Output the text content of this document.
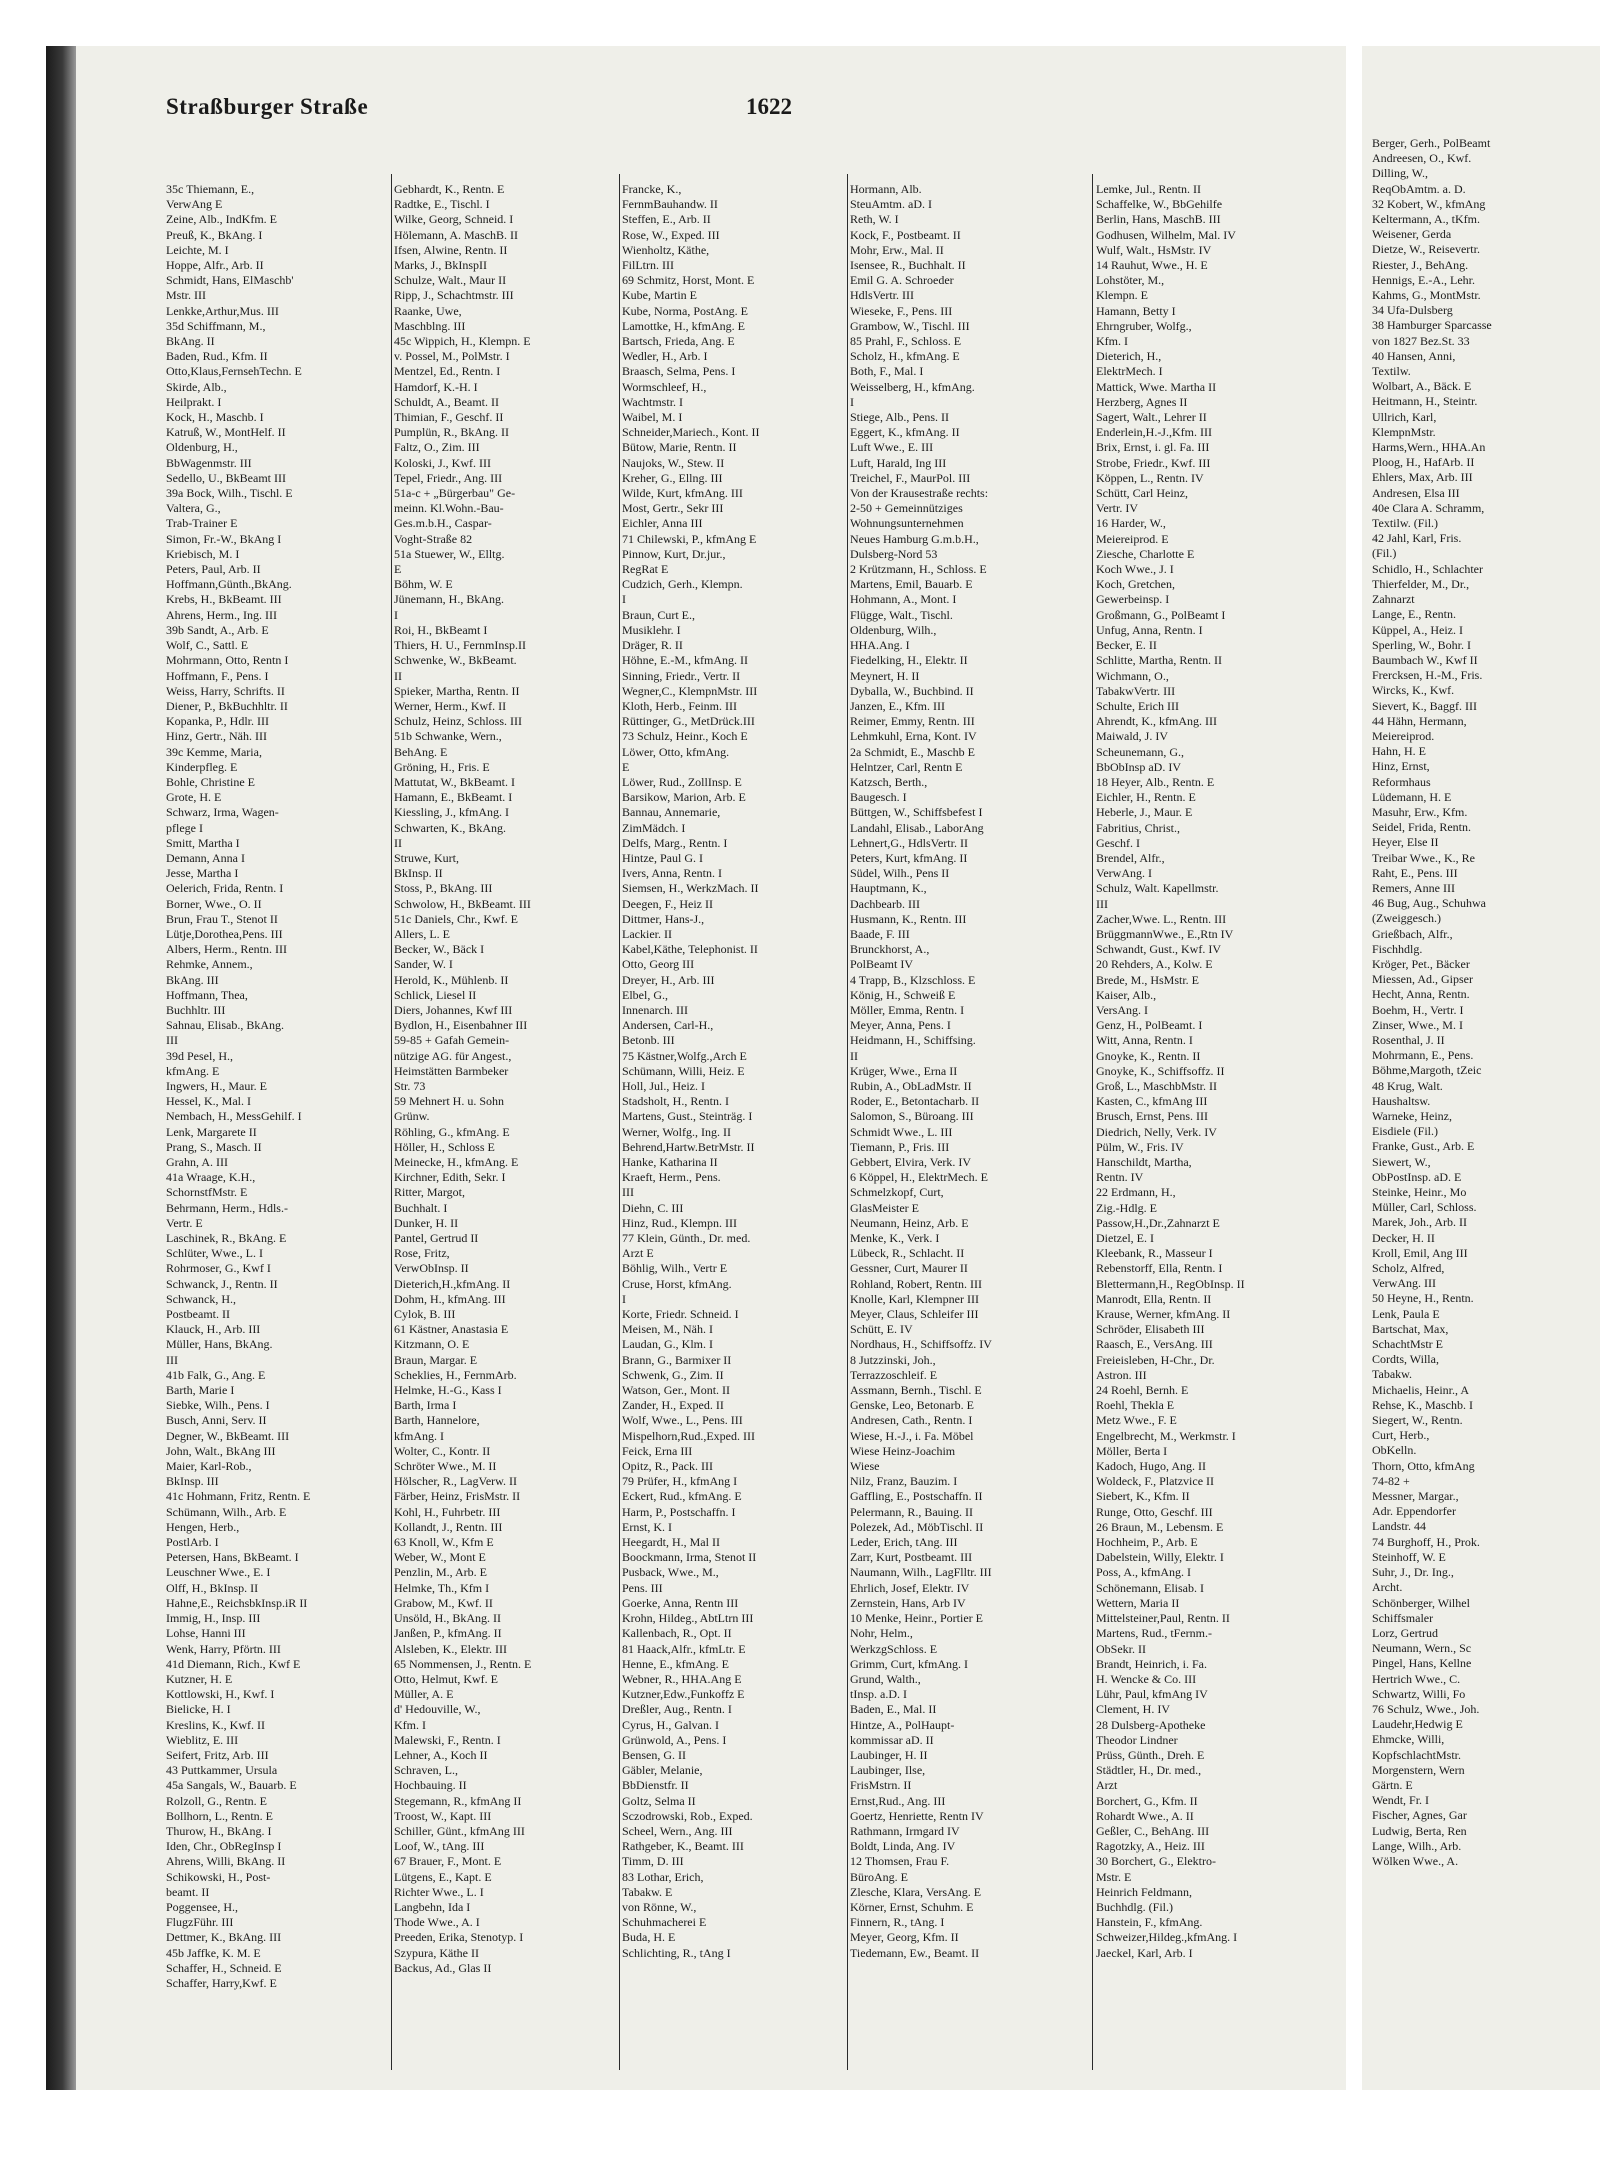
Straßburger Straße	1622
35c Thiemann, E.,
VerwAng E
Zeine, Alb., IndKfm. E
Preuß, K., BkAng. I
Leichte, M. I
Hoppe, Alfr., Arb. II
Schmidt, Hans, ElMaschb'
Mstr. III
Lenkke,Arthur,Mus. III
35d Schiffmann, M.,
BkAng. II
Baden, Rud., Kfm. II
Otto,Klaus,FernsehTechn. E
Skirde, Alb.,
Heilprakt. I
Kock, H., Maschb. I
Katruß, W., MontHelf. II
Oldenburg, H.,
BbWagenmstr. III
Sedello, U., BkBeamt III
39a Bock, Wilh., Tischl. E
Valtera, G.,
Trab-Trainer E
Simon, Fr.-W., BkAng I
Kriebisch, M. I
Peters, Paul, Arb. II
Hoffmann,Günth.,BkAng.
Krebs, H., BkBeamt. III
Ahrens, Herm., Ing. III
39b Sandt, A., Arb. E
Wolf, C., Sattl. E
Mohrmann, Otto, Rentn I
Hoffmann, F., Pens. I
Weiss, Harry, Schrifts. II
Diener, P., BkBuchhltr. II
Kopanka, P., Hdlr. III
Hinz, Gertr., Näh. III
39c Kemme, Maria,
Kinderpfleg. E
Bohle, Christine E
Grote, H. E
Schwarz, Irma, Wagen-
pflege I
Smitt, Martha I
Demann, Anna I
Jesse, Martha I
Oelerich, Frida, Rentn. I
Borner, Wwe., O. II
Brun, Frau T., Stenot II
Lütje,Dorothea,Pens. III
Albers, Herm., Rentn. III
Rehmke, Annem.,
BkAng. III
Hoffmann, Thea,
Buchhltr. III
Sahnau, Elisab., BkAng.
III
39d Pesel, H.,
kfmAng. E
Ingwers, H., Maur. E
Hessel, K., Mal. I
Nembach, H., MessGehilf. I
Lenk, Margarete II
Prang, S., Masch. II
Grahn, A. III
41a Wraage, K.H.,
SchornstfMstr. E
Behrmann, Herm., Hdls.-
Vertr. E
Laschinek, R., BkAng. E
Schlüter, Wwe., L. I
Rohrmoser, G., Kwf I
Schwanck, J., Rentn. II
Schwanck, H.,
Postbeamt. II
Klauck, H., Arb. III
Müller, Hans, BkAng.
III
41b Falk, G., Ang. E
Barth, Marie I
Siebke, Wilh., Pens. I
Busch, Anni, Serv. II
Degner, W., BkBeamt. III
John, Walt., BkAng III
Maier, Karl-Rob.,
BkInsp. III
41c Hohmann, Fritz, Rentn. E
Schümann, Wilh., Arb. E
Hengen, Herb.,
PostlArb. I
Petersen, Hans, BkBeamt. I
Leuschner Wwe., E. I
Olff, H., BkInsp. II
Hahne,E., ReichsbkInsp.iR II
Immig, H., Insp. III
Lohse, Hanni III
Wenk, Harry, Pförtn. III
41d Diemann, Rich., Kwf E
Kutzner, H. E
Kottlowski, H., Kwf. I
Bielicke, H. I
Kreslins, K., Kwf. II
Wieblitz, E. III
Seifert, Fritz, Arb. III
43 Puttkammer, Ursula
45a Sangals, W., Bauarb. E
Rolzoll, G., Rentn. E
Bollhorn, L., Rentn. E
Thurow, H., BkAng. I
Iden, Chr., ObRegInsp I
Ahrens, Willi, BkAng. II
Schikowski, H., Post-
beamt. II
Poggensee, H.,
FlugzFühr. III
Dettmer, K., BkAng. III
45b Jaffke, K. M. E
Schaffer, H., Schneid. E
Schaffer, Harry,Kwf. E
Gebhardt, K., Rentn. E
Radtke, E., Tischl. I
Wilke, Georg, Schneid. I
Hölemann, A. MaschB. II
Ifsen, Alwine, Rentn. II
Marks, J., BkInspII
Schulze, Walt., Maur II
Ripp, J., Schachtmstr. III
Raanke, Uwe,
Maschblng. III
45c Wippich, H., Klempn. E
v. Possel, M., PolMstr. I
Mentzel, Ed., Rentn. I
Hamdorf, K.-H. I
Schuldt, A., Beamt. II
Thimian, F., Geschf. II
Pumplün, R., BkAng. II
Faltz, O., Zim. III
Koloski, J., Kwf. III
Tepel, Friedr., Ang. III
51a-c + „Bürgerbau" Ge-
meinn. Kl.Wohn.-Bau-
Ges.m.b.H., Caspar-
Voght-Straße 82
51a Stuewer, W., Elltg.
E
Böhm, W. E
Jünemann, H., BkAng.
I
Roi, H., BkBeamt I
Thiers, H. U., FernmInsp.II
Schwenke, W., BkBeamt.
II
Spieker, Martha, Rentn. II
Werner, Herm., Kwf. II
Schulz, Heinz, Schloss. III
51b Schwanke, Wern.,
BehAng. E
Gröning, H., Fris. E
Mattutat, W., BkBeamt. I
Hamann, E., BkBeamt. I
Kiessling, J., kfmAng. I
Schwarten, K., BkAng.
II
Struwe, Kurt,
BkInsp. II
Stoss, P., BkAng. III
Schwolow, H., BkBeamt. III
51c Daniels, Chr., Kwf. E
Allers, L. E
Becker, W., Bäck I
Sander, W. I
Herold, K., Mühlenb. II
Schlick, Liesel II
Diers, Johannes, Kwf III
Bydlon, H., Eisenbahner III
59-85 + Gafah Gemein-
nützige AG. für Angest.,
Heimstätten Barmbeker
Str. 73
59 Mehnert H. u. Sohn
Grünw.
Röhling, G., kfmAng. E
Höller, H., Schloss E
Meinecke, H., kfmAng. E
Kirchner, Edith, Sekr. I
Ritter, Margot,
Buchhalt. I
Dunker, H. II
Pantel, Gertrud II
Rose, Fritz,
VerwObInsp. II
Dieterich,H.,kfmAng. II
Dohm, H., kfmAng. III
Cylok, B. III
61 Kästner, Anastasia E
Kitzmann, O. E
Braun, Margar. E
Scheklies, H., FernmArb.
Helmke, H.-G., Kass I
Barth, Irma I
Barth, Hannelore,
kfmAng. I
Wolter, C., Kontr. II
Schröter Wwe., M. II
Hölscher, R., LagVerw. II
Färber, Heinz, FrisMstr. II
Kohl, H., Fuhrbetr. III
Kollandt, J., Rentn. III
63 Knoll, W., Kfm E
Weber, W., Mont E
Penzlin, M., Arb. E
Helmke, Th., Kfm I
Grabow, M., Kwf. II
Unsöld, H., BkAng. II
Janßen, P., kfmAng. II
Alsleben, K., Elektr. III
65 Nommensen, J., Rentn. E
Otto, Helmut, Kwf. E
Müller, A. E
d' Hedouville, W.,
Kfm. I
Malewski, F., Rentn. I
Lehner, A., Koch II
Schraven, L.,
Hochbauing. II
Stegemann, R., kfmAng II
Troost, W., Kapt. III
Schiller, Günt., kfmAng III
Loof, W., tAng. III
67 Brauer, F., Mont. E
Lütgens, E., Kapt. E
Richter Wwe., L. I
Langbehn, Ida I
Thode Wwe., A. I
Preeden, Erika, Stenotyp. I
Szypura, Käthe II
Backus, Ad., Glas II
Francke, K.,
FernmBauhandw. II
Steffen, E., Arb. II
Rose, W., Exped. III
Wienholtz, Käthe,
FilLtrn. III
69 Schmitz, Horst, Mont. E
Kube, Martin E
Kube, Norma, PostAng. E
Lamottke, H., kfmAng. E
Bartsch, Frieda, Ang. E
Wedler, H., Arb. I
Braasch, Selma, Pens. I
Wormschleef, H.,
Wachtmstr. I
Waibel, M. I
Schneider,Mariech., Kont. II
Bütow, Marie, Rentn. II
Naujoks, W., Stew. II
Kreher, G., Ellng. III
Wilde, Kurt, kfmAng. III
Most, Gertr., Sekr III
Eichler, Anna III
71 Chilewski, P., kfmAng E
Pinnow, Kurt, Dr.jur.,
RegRat E
Cudzich, Gerh., Klempn.
I
Braun, Curt E.,
Musiklehr. I
Dräger, R. II
Höhne, E.-M., kfmAng. II
Sinning, Friedr., Vertr. II
Wegner,C., KlempnMstr. III
Kloth, Herb., Feinm. III
Rüttinger, G., MetDrück.III
73 Schulz, Heinr., Koch E
Löwer, Otto, kfmAng.
E
Löwer, Rud., ZollInsp. E
Barsikow, Marion, Arb. E
Bannau, Annemarie,
ZimMädch. I
Delfs, Marg., Rentn. I
Hintze, Paul G. I
Ivers, Anna, Rentn. I
Siemsen, H., WerkzMach. II
Deegen, F., Heiz II
Dittmer, Hans-J.,
Lackier. II
Kabel,Käthe, Telephonist. II
Otto, Georg III
Dreyer, H., Arb. III
Elbel, G.,
Innenarch. III
Andersen, Carl-H.,
Betonb. III
75 Kästner,Wolfg.,Arch E
Schümann, Willi, Heiz. E
Holl, Jul., Heiz. I
Stadsholt, H., Rentn. I
Martens, Gust., Steinträg. I
Werner, Wolfg., Ing. II
Behrend,Hartw.BetrMstr. II
Hanke, Katharina II
Kraeft, Herm., Pens.
III
Diehn, C. III
Hinz, Rud., Klempn. III
77 Klein, Günth., Dr. med.
Arzt E
Böhlig, Wilh., Vertr E
Cruse, Horst, kfmAng.
I
Korte, Friedr. Schneid. I
Meisen, M., Näh. I
Laudan, G., Klm. I
Brann, G., Barmixer II
Schwenk, G., Zim. II
Watson, Ger., Mont. II
Zander, H., Exped. II
Wolf, Wwe., L., Pens. III
Mispelhorn,Rud.,Exped. III
Feick, Erna III
Opitz, R., Pack. III
79 Prüfer, H., kfmAng I
Eckert, Rud., kfmAng. E
Harm, P., Postschaffn. I
Ernst, K. I
Heegardt, H., Mal II
Boockmann, Irma, Stenot II
Pusback, Wwe., M.,
Pens. III
Goerke, Anna, Rentn III
Krohn, Hildeg., AbtLtrn III
Kallenbach, R., Opt. II
81 Haack,Alfr., kfmLtr. E
Henne, E., kfmAng. E
Webner, R., HHA.Ang E
Kutzner,Edw.,Funkoffz E
Dreßler, Aug., Rentn. I
Cyrus, H., Galvan. I
Grünwold, A., Pens. I
Bensen, G. II
Gäbler, Melanie,
BbDienstfr. II
Goltz, Selma II
Sczodrowski, Rob., Exped.
Scheel, Wern., Ang. III
Rathgeber, K., Beamt. III
Timm, D. III
83 Lothar, Erich,
Tabakw. E
von Rönne, W.,
Schuhmacherei E
Buda, H. E
Schlichting, R., tAng I
Hormann, Alb.
SteuAmtm. aD. I
Reth, W. I
Kock, F., Postbeamt. II
Mohr, Erw., Mal. II
Isensee, R., Buchhalt. II
Emil G. A. Schroeder
HdlsVertr. III
Wieseke, F., Pens. III
Grambow, W., Tischl. III
85 Prahl, F., Schloss. E
Scholz, H., kfmAng. E
Both, F., Mal. I
Weisselberg, H., kfmAng.
I
Stiege, Alb., Pens. II
Eggert, K., kfmAng. II
Luft Wwe., E. III
Luft, Harald, Ing III
Treichel, F., MaurPol. III
Von der Krausestraße rechts:
2-50 + Gemeinnütziges
Wohnungsunternehmen
Neues Hamburg G.m.b.H.,
Dulsberg-Nord 53
2 Krützmann, H., Schloss. E
Martens, Emil, Bauarb. E
Hohmann, A., Mont. I
Flügge, Walt., Tischl.
Oldenburg, Wilh.,
HHA.Ang. I
Fiedelking, H., Elektr. II
Meynert, H. II
Dyballa, W., Buchbind. II
Janzen, E., Kfm. III
Reimer, Emmy, Rentn. III
Lehmkuhl, Erna, Kont. IV
2a Schmidt, E., Maschb E
Helntzer, Carl, Rentn E
Katzsch, Berth.,
Baugesch. I
Büttgen, W., Schiffsbefest I
Landahl, Elisab., LaborAng
Lehnert,G., HdlsVertr. II
Peters, Kurt, kfmAng. II
Südel, Wilh., Pens II
Hauptmann, K.,
Dachbearb. III
Husmann, K., Rentn. III
Baade, F. III
Brunckhorst, A.,
PolBeamt IV
4 Trapp, B., Klzschloss. E
König, H., Schweiß E
Möller, Emma, Rentn. I
Meyer, Anna, Pens. I
Heidmann, H., Schiffsing.
II
Krüger, Wwe., Erna II
Rubin, A., ObLadMstr. II
Roder, E., Betontacharb. II
Salomon, S., Büroang. III
Schmidt Wwe., L. III
Tiemann, P., Fris. III
Gebbert, Elvira, Verk. IV
6 Köppel, H., ElektrMech. E
Schmelzkopf, Curt,
GlasMeister E
Neumann, Heinz, Arb. E
Menke, K., Verk. I
Lübeck, R., Schlacht. II
Gessner, Curt, Maurer II
Rohland, Robert, Rentn. III
Knolle, Karl, Klempner III
Meyer, Claus, Schleifer III
Schütt, E. IV
Nordhaus, H., Schiffsoffz. IV
8 Jutzzinski, Joh.,
Terrazzoschleif. E
Assmann, Bernh., Tischl. E
Genske, Leo, Betonarb. E
Andresen, Cath., Rentn. I
Wiese, H.-J., i. Fa. Möbel
Wiese Heinz-Joachim
Wiese
Nilz, Franz, Bauzim. I
Gaffling, E., Postschaffn. II
Pelermann, R., Bauing. II
Polezek, Ad., MöbTischl. II
Leder, Erich, tAng. III
Zarr, Kurt, Postbeamt. III
Naumann, Wilh., LagFlltr. III
Ehrlich, Josef, Elektr. IV
Zernstein, Hans, Arb IV
10 Menke, Heinr., Portier E
Nohr, Helm.,
WerkzgSchloss. E
Grimm, Curt, kfmAng. I
Grund, Walth.,
tInsp. a.D. I
Baden, E., Mal. II
Hintze, A., PolHaupt-
kommissar aD. II
Laubinger, H. II
Laubinger, Ilse,
FrisMstrn. II
Ernst,Rud., Ang. III
Goertz, Henriette, Rentn IV
Rathmann, Irmgard IV
Boldt, Linda, Ang. IV
12 Thomsen, Frau F.
BüroAng. E
Zlesche, Klara, VersAng. E
Körner, Ernst, Schuhm. E
Finnern, R., tAng. I
Meyer, Georg, Kfm. II
Tiedemann, Ew., Beamt. II
Lemke, Jul., Rentn. II
Schaffelke, W., BbGehilfe
Berlin, Hans, MaschB. III
Godhusen, Wilhelm, Mal. IV
Wulf, Walt., HsMstr. IV
14 Rauhut, Wwe., H. E
Lohstöter, M.,
Klempn. E
Hamann, Betty I
Ehrngruber, Wolfg.,
Kfm. I
Dieterich, H.,
ElektrMech. I
Mattick, Wwe. Martha II
Herzberg, Agnes II
Sagert, Walt., Lehrer II
Enderlein,H.-J.,Kfm. III
Brix, Ernst, i. gl. Fa. III
Strobe, Friedr., Kwf. III
Köppen, L., Rentn. IV
Schütt, Carl Heinz,
Vertr. IV
16 Harder, W.,
Meiereiprod. E
Ziesche, Charlotte E
Koch Wwe., J. I
Koch, Gretchen,
Gewerbeinsp. I
Großmann, G., PolBeamt I
Unfug, Anna, Rentn. I
Becker, E. II
Schlitte, Martha, Rentn. II
Wichmann, O.,
TabakwVertr. III
Schulte, Erich III
Ahrendt, K., kfmAng. III
Maiwald, J. IV
Scheunemann, G.,
BbObInsp aD. IV
18 Heyer, Alb., Rentn. E
Eichler, H., Rentn. E
Heberle, J., Maur. E
Fabritius, Christ.,
Geschf. I
Brendel, Alfr.,
VerwAng. I
Schulz, Walt. Kapellmstr.
III
Zacher,Wwe. L., Rentn. III
BrüggmannWwe., E.,Rtn IV
Schwandt, Gust., Kwf. IV
20 Rehders, A., Kolw. E
Brede, M., HsMstr. E
Kaiser, Alb.,
VersAng. I
Genz, H., PolBeamt. I
Witt, Anna, Rentn. I
Gnoyke, K., Rentn. II
Gnoyke, K., Schiffsoffz. II
Groß, L., MaschbMstr. II
Kasten, C., kfmAng III
Brusch, Ernst, Pens. III
Diedrich, Nelly, Verk. IV
Pülm, W., Fris. IV
Hanschildt, Martha,
Rentn. IV
22 Erdmann, H.,
Zig.-Hdlg. E
Passow,H.,Dr.,Zahnarzt E
Dietzel, E. I
Kleebank, R., Masseur I
Rebenstorff, Ella, Rentn. I
Blettermann,H., RegObInsp. II
Manrodt, Ella, Rentn. II
Krause, Werner, kfmAng. II
Schröder, Elisabeth III
Raasch, E., VersAng. III
Freieisleben, H-Chr., Dr.
Astron. III
24 Roehl, Bernh. E
Roehl, Thekla E
Metz Wwe., F. E
Engelbrecht, M., Werkmstr. I
Möller, Berta I
Kadoch, Hugo, Ang. II
Woldeck, F., Platzvice II
Siebert, K., Kfm. II
Runge, Otto, Geschf. III
26 Braun, M., Lebensm. E
Hochheim, P., Arb. E
Dabelstein, Willy, Elektr. I
Poss, A., kfmAng. I
Schönemann, Elisab. I
Wettern, Maria II
Mittelsteiner,Paul, Rentn. II
Martens, Rud., tFernm.-
ObSekr. II
Brandt, Heinrich, i. Fa.
H. Wencke & Co. III
Lühr, Paul, kfmAng IV
Clement, H. IV
28 Dulsberg-Apotheke
Theodor Lindner
Prüss, Günth., Dreh. E
Städtler, H., Dr. med.,
Arzt
Borchert, G., Kfm. II
Rohardt Wwe., A. II
Geßler, C., BehAng. III
Ragotzky, A., Heiz. III
30 Borchert, G., Elektro-
Mstr. E
Heinrich Feldmann,
Buchhdlg. (Fil.)
Hanstein, F., kfmAng.
Schweizer,Hildeg.,kfmAng. I
Jaeckel, Karl, Arb. I
Berger, Gerh., PolBeamt
Andreesen, O., Kwf.
Dilling, W.,
ReqObAmtm. a. D.
32 Kobert, W., kfmAng
Keltermann, A., tKfm.
Weisener, Gerda
Dietze, W., Reisevertr.
Riester, J., BehAng.
Hennigs, E.-A., Lehr.
Kahms, G., MontMstr.
34 Ufa-Dulsberg
38 Hamburger Sparcasse
von 1827 Bez.St. 33
40 Hansen, Anni,
Textilw.
Wolbart, A., Bäck. E
Heitmann, H., Steintr.
Ullrich, Karl,
KlempnMstr.
Harms,Wern., HHA.An
Ploog, H., HafArb. II
Ehlers, Max, Arb. III
Andresen, Elsa III
40e Clara A. Schramm,
Textilw. (Fil.)
42 Jahl, Karl, Fris.
(Fil.)
Schidlo, H., Schlachter
Thierfelder, M., Dr.,
Zahnarzt
Lange, E., Rentn.
Küppel, A., Heiz. I
Sperling, W., Bohr. I
Baumbach W., Kwf II
Frercksen, H.-M., Fris.
Wircks, K., Kwf.
Sievert, K., Baggf. III
44 Hähn, Hermann,
Meiereiprod.
Hahn, H. E
Hinz, Ernst,
Reformhaus
Lüdemann, H. E
Masuhr, Erw., Kfm.
Seidel, Frida, Rentn.
Heyer, Else II
Treibar Wwe., K., Re
Raht, E., Pens. III
Remers, Anne III
46 Bug, Aug., Schuhwa
(Zweiggesch.)
Grießbach, Alfr.,
Fischhdlg.
Kröger, Pet., Bäcker
Miessen, Ad., Gipser
Hecht, Anna, Rentn.
Boehm, H., Vertr. I
Zinser, Wwe., M. I
Rosenthal, J. II
Mohrmann, E., Pens.
Böhme,Margoth, tZeic
48 Krug, Walt.
Haushaltsw.
Warneke, Heinz,
Eisdiele (Fil.)
Franke, Gust., Arb. E
Siewert, W.,
ObPostInsp. aD. E
Steinke, Heinr., Mo
Müller, Carl, Schloss.
Marek, Joh., Arb. II
Decker, H. II
Kroll, Emil, Ang III
Scholz, Alfred,
VerwAng. III
50 Heyne, H., Rentn.
Lenk, Paula E
Bartschat, Max,
SchachtMstr E
Cordts, Willa,
Tabakw.
Michaelis, Heinr., A
Rehse, K., Maschb. I
Siegert, W., Rentn.
Curt, Herb.,
ObKelln.
Thorn, Otto, kfmAng
74-82 +
Messner, Margar.,
Adr. Eppendorfer
Landstr. 44
74 Burghoff, H., Prok.
Steinhoff, W. E
Suhr, J., Dr. Ing.,
Archt.
Schönberger, Wilhel
Schiffsmaler
Lorz, Gertrud
Neumann, Wern., Sc
Pingel, Hans, Kellne
Hertrich Wwe., C.
Schwartz, Willi, Fo
76 Schulz, Wwe., Joh.
Laudehr,Hedwig E
Ehmcke, Willi,
KopfschlachtMstr.
Morgenstern, Wern
Gärtn. E
Wendt, Fr. I
Fischer, Agnes, Gar
Ludwig, Berta, Ren
Lange, Wilh., Arb.
Wölken Wwe., A.
